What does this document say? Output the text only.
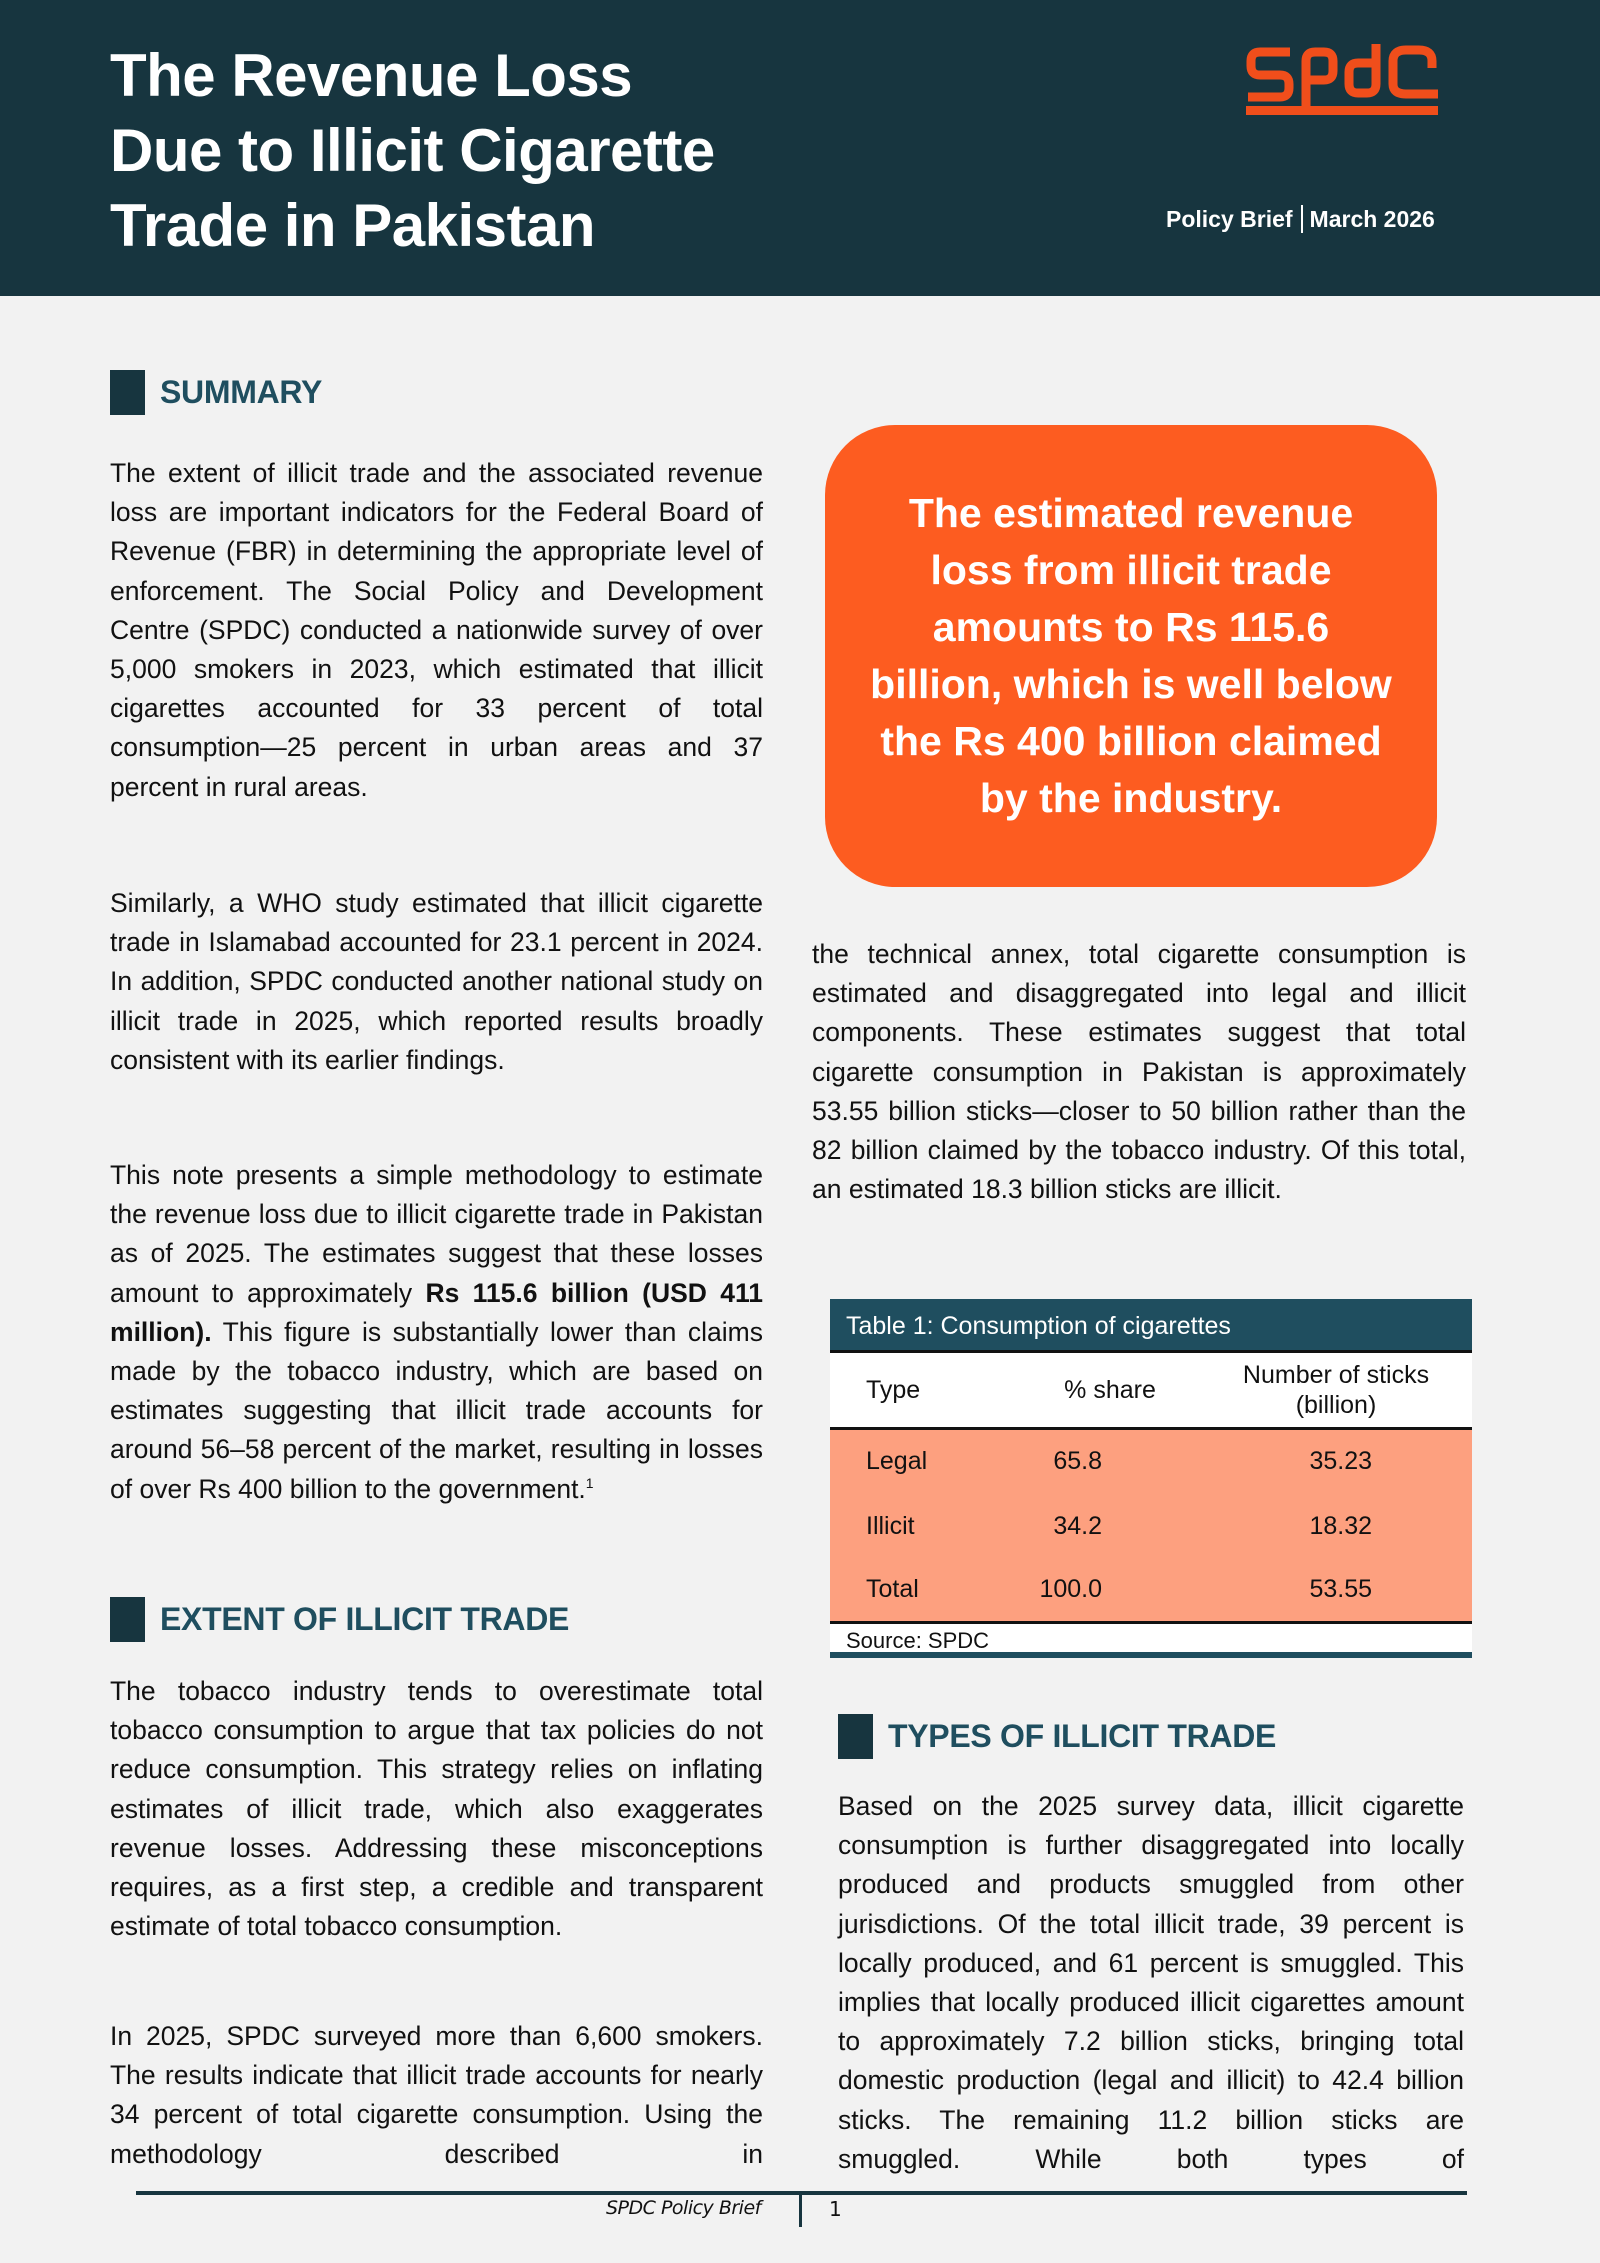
The Revenue Loss
Due to Illicit Cigarette
Trade in Pakistan	Policy Brief March 2026
SUMMARY

The extent of illicit trade and the associated revenue loss are important indicators for the Federal Board of Revenue (FBR) in determining the appropriate level of enforcement. The Social Policy and Development Centre (SPDC) conducted a nationwide survey of over 5,000 smokers in 2023, which estimated that illicit cigarettes accounted for 33 percent of total consumption—25 percent in urban areas and 37 percent in rural areas.

Similarly, a WHO study estimated that illicit cigarette trade in Islamabad accounted for 23.1 percent in 2024. In addition, SPDC conducted another national study on illicit trade in 2025, which reported results broadly consistent with its earlier findings.

This note presents a simple methodology to estimate the revenue loss due to illicit cigarette trade in Pakistan as of 2025. The estimates suggest that these losses amount to approximately Rs 115.6 billion (USD 411 million). This figure is substantially lower than claims made by the tobacco industry, which are based on estimates suggesting that illicit trade accounts for around 56–58 percent of the market, resulting in losses of over Rs 400 billion to the government.$^1$

EXTENT OF ILLICIT TRADE

The tobacco industry tends to overestimate total tobacco consumption to argue that tax policies do not reduce consumption. This strategy relies on inflating estimates of illicit trade, which also exaggerates revenue losses. Addressing these misconceptions requires, as a first step, a credible and transparent estimate of total tobacco consumption.

In 2025, SPDC surveyed more than 6,600 smokers. The results indicate that illicit trade accounts for nearly 34 percent of total cigarette consumption. Using the methodology described in

The estimated revenue loss from illicit trade amounts to Rs 115.6 billion, which is well below the Rs 400 billion claimed by the industry.

the technical annex, total cigarette consumption is estimated and disaggregated into legal and illicit components. These estimates suggest that total cigarette consumption in Pakistan is approximately 53.55 billion sticks—closer to 50 billion rather than the 82 billion claimed by the tobacco industry. Of this total, an estimated 18.3 billion sticks are illicit.

Table 1: Consumption of cigarettes
Type	% share	Number of sticks
(billion)

Legal	65.8	35.23
Illicit	34.2	18.32
Total	100.0	53.55
Source: SPDC
TYPES OF ILLICIT TRADE

Based on the 2025 survey data, illicit cigarette consumption is further disaggregated into locally produced and products smuggled from other jurisdictions. Of the total illicit trade, 39 percent is locally produced, and 61 percent is smuggled. This implies that locally produced illicit cigarettes amount to approximately 7.2 billion sticks, bringing total domestic production (legal and illicit) to 42.4 billion sticks. The remaining 11.2 billion sticks are smuggled. While both types of

SPDC Policy Brief	1
